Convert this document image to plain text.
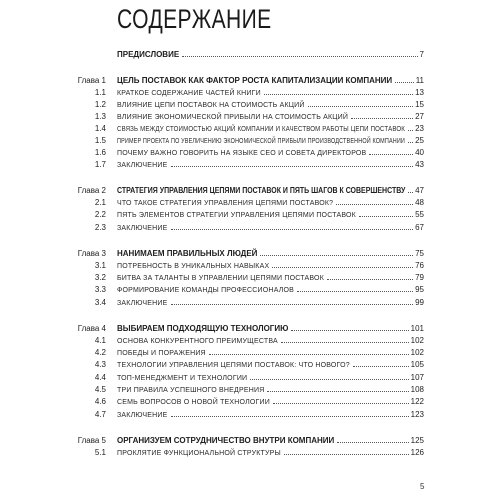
СОДЕРЖАНИЕ
ПРЕДИСЛОВИЕ	7
Глава 1 ЦЕЛЬ ПОСТАВОК КАК ФАКТОР РОСТА КАПИТАЛИЗАЦИИ КОМПАНИИ	11
1.1 КРАТКОЕ СОДЕРЖАНИЕ ЧАСТЕЙ КНИГИ	13
1.2 ВЛИЯНИЕ ЦЕПИ ПОСТАВОК НА СТОИМОСТЬ АКЦИЙ	15
1.3 ВЛИЯНИЕ ЭКОНОМИЧЕСКОЙ ПРИБЫЛИ НА СТОИМОСТЬ АКЦИЙ	27
1.4 СВЯЗЬ МЕЖДУ СТОИМОСТЬЮ АКЦИЙ КОМПАНИИ И КАЧЕСТВОМ РАБОТЫ ЦЕПИ ПОСТАВОК 23
1.5 ПРИМЕР ПРОЕКТА ПО УВЕЛИЧЕНИЮ ЭКОНОМИЧЕСКОЙ ПРИБЫЛИ ПРОИЗВОДСТВЕННОЙ КОМПАНИИ 25
1.6 ПОЧЕМУ ВАЖНО ГОВОРИТЬ НА ЯЗЫКЕ CEO И СОВЕТА ДИРЕКТОРОВ	40
1.7 ЗАКЛЮЧЕНИЕ	43
Глава 2 СТРАТЕГИЯ УПРАВЛЕНИЯ ЦЕПЯМИ ПОСТАВОК И ПЯТЬ ШАГОВ К СОВЕРШЕНСТВУ 47
2.1 ЧТО ТАКОЕ СТРАТЕГИЯ УПРАВЛЕНИЯ ЦЕПЯМИ ПОСТАВОК?	48
2.2 ПЯТЬ ЭЛЕМЕНТОВ СТРАТЕГИИ УПРАВЛЕНИЯ ЦЕПЯМИ ПОСТАВОК	55
2.3 ЗАКЛЮЧЕНИЕ	67
Глава 3 НАНИМАЕМ ПРАВИЛЬНЫХ ЛЮДЕЙ	75
3.1 ПОТРЕБНОСТЬ В УНИКАЛЬНЫХ НАВЫКАХ	76
3.2 БИТВА ЗА ТАЛАНТЫ В УПРАВЛЕНИИ ЦЕПЯМИ ПОСТАВОК	79
3.3 ФОРМИРОВАНИЕ КОМАНДЫ ПРОФЕССИОНАЛОВ	95
3.4 ЗАКЛЮЧЕНИЕ	99
Глава 4 ВЫБИРАЕМ ПОДХОДЯЩУЮ ТЕХНОЛОГИЮ	101
4.1 ОСНОВА КОНКУРЕНТНОГО ПРЕИМУЩЕСТВА	102
4.2 ПОБЕДЫ И ПОРАЖЕНИЯ	102
4.3 ТЕХНОЛОГИИ УПРАВЛЕНИЯ ЦЕПЯМИ ПОСТАВОК: ЧТО НОВОГО?	105
4.4 ТОП-МЕНЕДЖМЕНТ И ТЕХНОЛОГИИ	107
4.5 ТРИ ПРАВИЛА УСПЕШНОГО ВНЕДРЕНИЯ	108
4.6 СЕМЬ ВОПРОСОВ О НОВОЙ ТЕХНОЛОГИИ	122
4.7 ЗАКЛЮЧЕНИЕ	123
Глава 5 ОРГАНИЗУЕМ СОТРУДНИЧЕСТВО ВНУТРИ КОМПАНИИ	125
5.1 ПРОКЛЯТИЕ ФУНКЦИОНАЛЬНОЙ СТРУКТУРЫ	126
5
